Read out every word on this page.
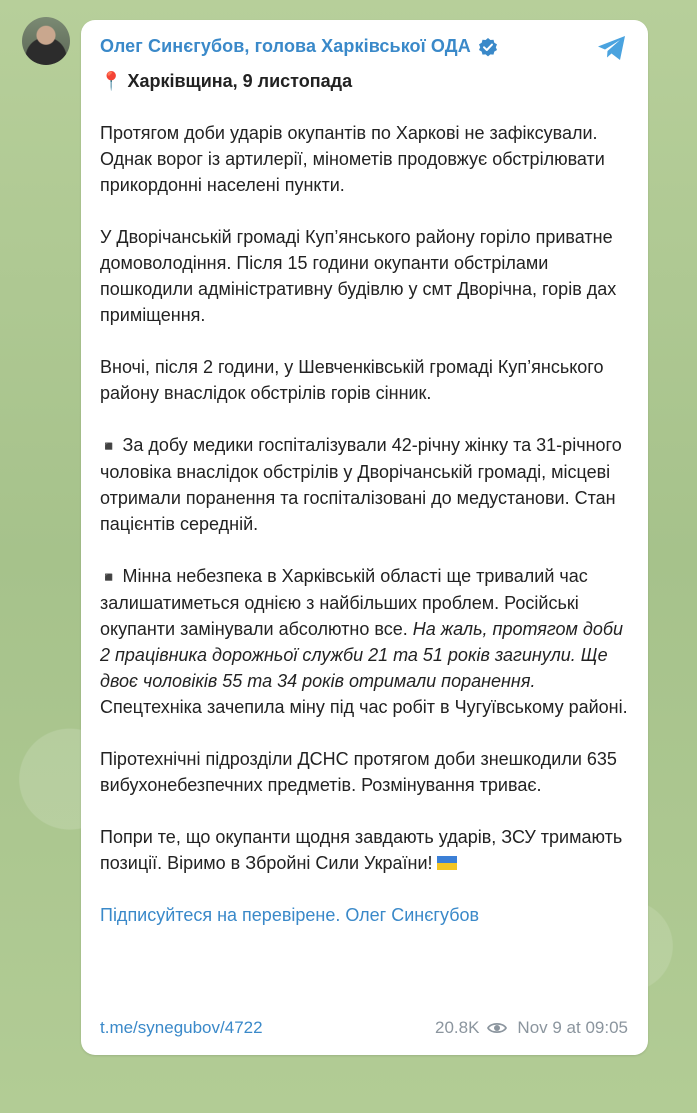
Олег Синєгубов, голова Харківської ОДА

📍 Харківщина, 9 листопада

Протягом доби ударів окупантів по Харкові не зафіксували. Однак ворог із артилерії, мінометів продовжує обстрілювати прикордонні населені пункти.

У Дворічанській громаді Куп’янського району горіло приватне домоволодіння. Після 15 години окупанти обстрілами пошкодили адміністративну будівлю у смт Дворічна, горів дах приміщення.

Вночі, після 2 години, у Шевченківській громаді Куп’янського району внаслідок обстрілів горів сінник.

◾ За добу медики госпіталізували 42-річну жінку та 31-річного чоловіка внаслідок обстрілів у Дворічанській громаді, місцеві отримали поранення та госпіталізовані до медустанови. Стан пацієнтів середній.

◾ Мінна небезпека в Харківській області ще тривалий час залишатиметься однією з найбільших проблем. Російські окупанти замінували абсолютно все. На жаль, протягом доби 2 працівника дорожньої служби 21 та 51 років загинули. Ще двоє чоловіків 55 та 34 років отримали поранення. Спецтехніка зачепила міну під час робіт в Чугуївському районі.

Піротехнічні підрозділи ДСНС протягом доби знешкодили 635 вибухонебезпечних предметів. Розмінування триває.

Попри те, що окупанти щодня завдають ударів, ЗСУ тримають позиції. Віримо в Збройні Сили України!

Підписуйтеся на перевірене. Олег Синєгубов

t.me/synegubov/4722	20.8K Nov 9 at 09:05
